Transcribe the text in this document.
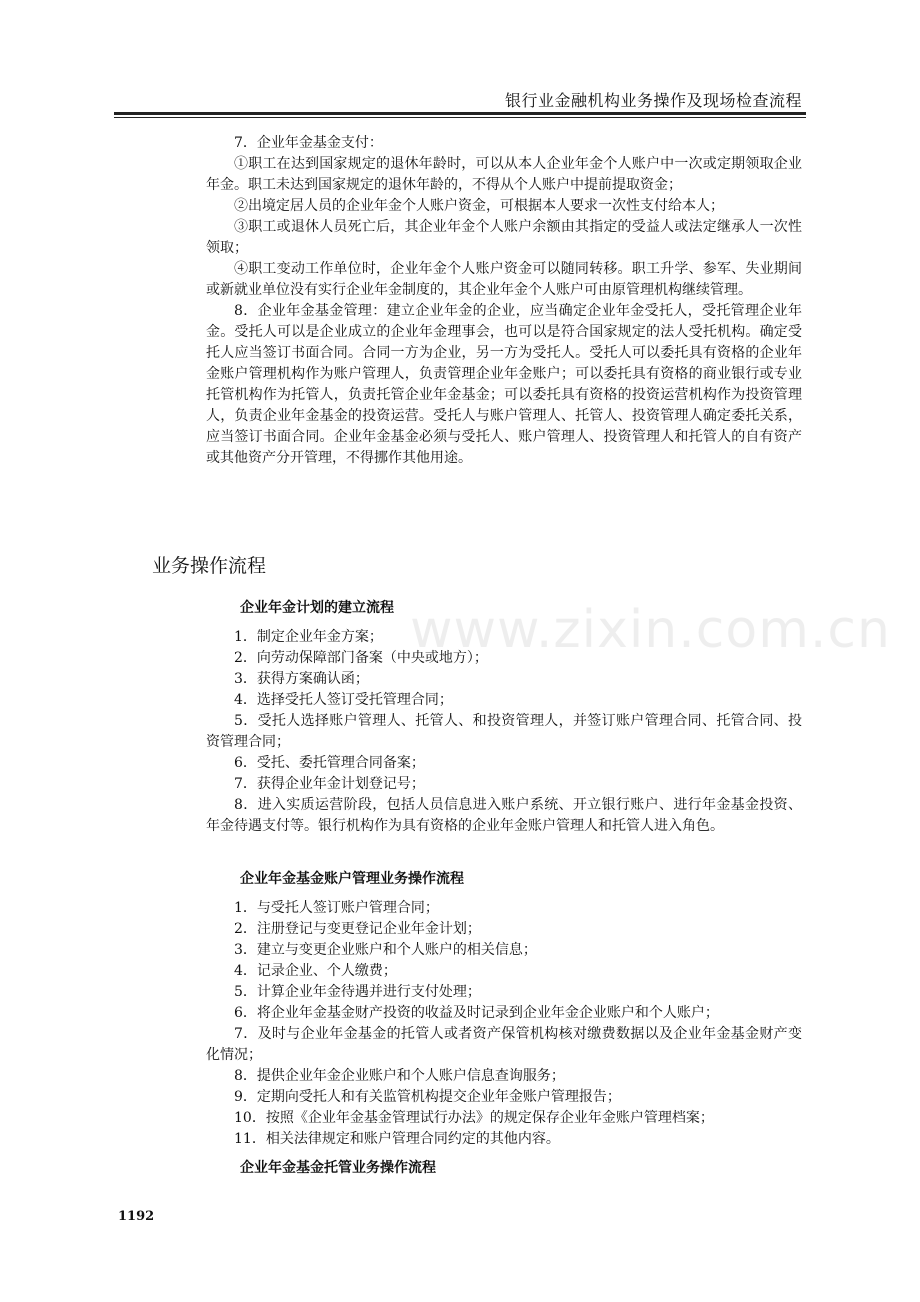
银行业金融机构业务操作及现场检查流程

7．企业年金基金支付：

①职工在达到国家规定的退休年龄时，可以从本人企业年金个人账户中一次或定期领取企业年金。职工未达到国家规定的退休年龄的，不得从个人账户中提前提取资金；

②出境定居人员的企业年金个人账户资金，可根据本人要求一次性支付给本人；

③职工或退休人员死亡后，其企业年金个人账户余额由其指定的受益人或法定继承人一次性领取；

④职工变动工作单位时，企业年金个人账户资金可以随同转移。职工升学、参军、失业期间或新就业单位没有实行企业年金制度的，其企业年金个人账户可由原管理机构继续管理。

8．企业年金基金管理：建立企业年金的企业，应当确定企业年金受托人，受托管理企业年金。受托人可以是企业成立的企业年金理事会，也可以是符合国家规定的法人受托机构。确定受托人应当签订书面合同。合同一方为企业，另一方为受托人。受托人可以委托具有资格的企业年金账户管理机构作为账户管理人，负责管理企业年金账户；可以委托具有资格的商业银行或专业托管机构作为托管人，负责托管企业年金基金；可以委托具有资格的投资运营机构作为投资管理人，负责企业年金基金的投资运营。受托人与账户管理人、托管人、投资管理人确定委托关系，应当签订书面合同。企业年金基金必须与受托人、账户管理人、投资管理人和托管人的自有资产或其他资产分开管理，不得挪作其他用途。

业务操作流程
www.zixin.com.cn
企业年金计划的建立流程
1．制定企业年金方案；
2．向劳动保障部门备案（中央或地方）；
3．获得方案确认函；
4．选择受托人签订受托管理合同；
5．受托人选择账户管理人、托管人、和投资管理人，并签订账户管理合同、托管合同、投资管理合同；
6．受托、委托管理合同备案；
7．获得企业年金计划登记号；
8．进入实质运营阶段，包括人员信息进入账户系统、开立银行账户、进行年金基金投资、年金待遇支付等。银行机构作为具有资格的企业年金账户管理人和托管人进入角色。
企业年金基金账户管理业务操作流程
1．与受托人签订账户管理合同；
2．注册登记与变更登记企业年金计划；
3．建立与变更企业账户和个人账户的相关信息；
4．记录企业、个人缴费；
5．计算企业年金待遇并进行支付处理；
6．将企业年金基金财产投资的收益及时记录到企业年金企业账户和个人账户；
7．及时与企业年金基金的托管人或者资产保管机构核对缴费数据以及企业年金基金财产变化情况；
8．提供企业年金企业账户和个人账户信息查询服务；
9．定期向受托人和有关监管机构提交企业年金账户管理报告；
10．按照《企业年金基金管理试行办法》的规定保存企业年金账户管理档案；
11．相关法律规定和账户管理合同约定的其他内容。
企业年金基金托管业务操作流程
1192
